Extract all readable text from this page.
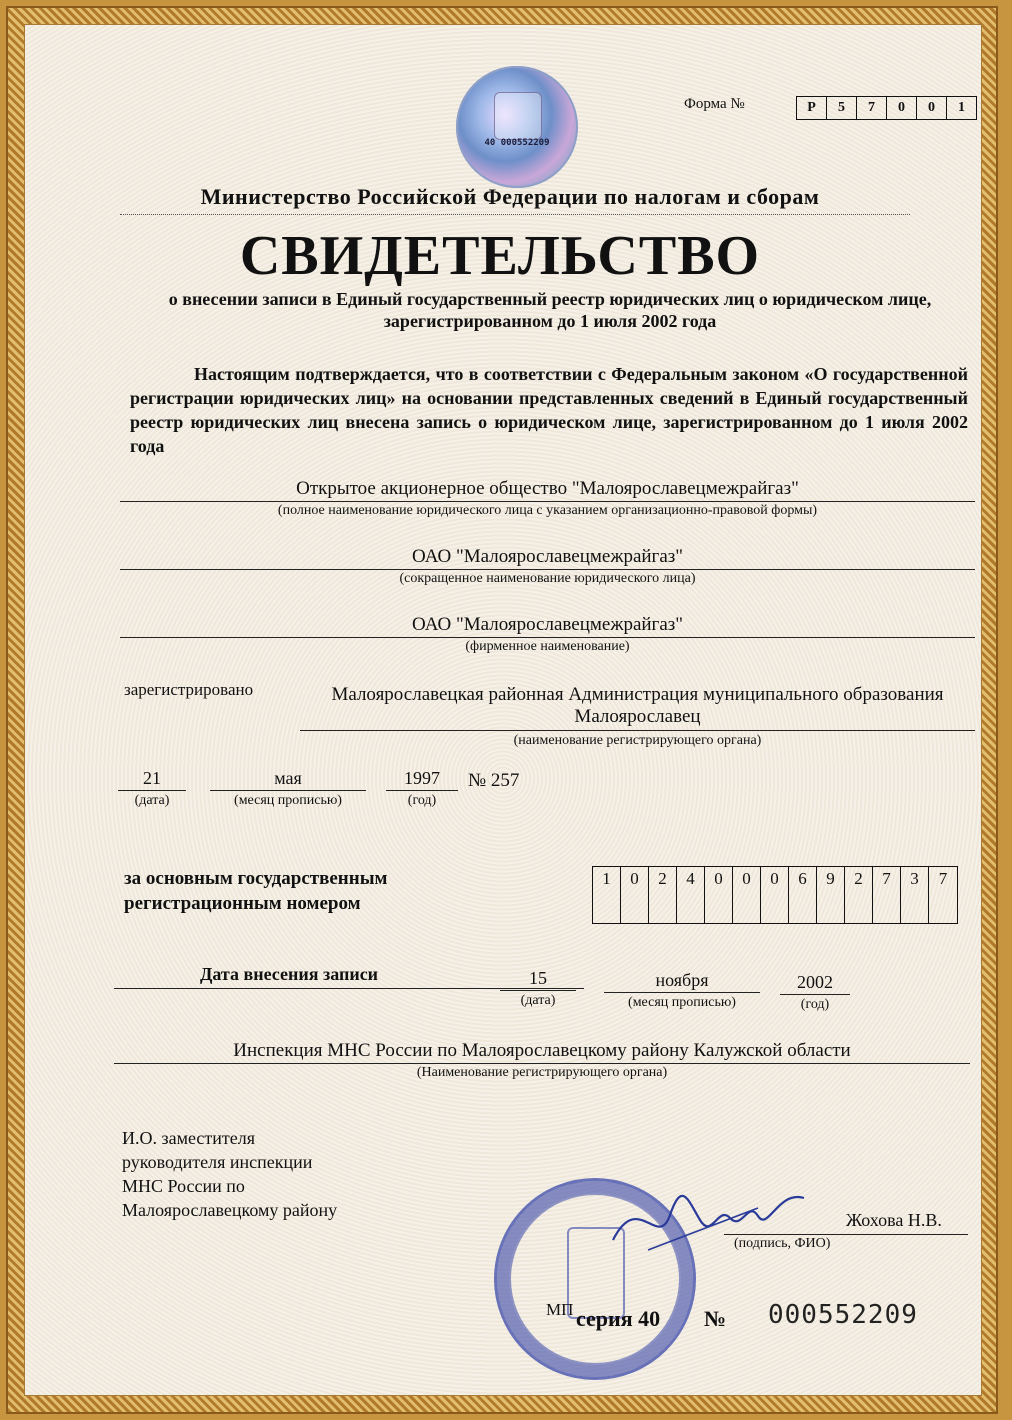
40 000552209
Форма №	Р	5	7	0	0	1
Министерство Российской Федерации по налогам и сборам
СВИДЕТЕЛЬСТВО
о внесении записи в Единый государственный реестр юридических лиц о юридическом лице, зарегистрированном до 1 июля 2002 года
Настоящим подтверждается, что в соответствии с Федеральным законом «О государственной регистрации юридических лиц» на основании представленных сведений в Единый государственный реестр юридических лиц внесена запись о юридическом лице, зарегистрированном до 1 июля 2002 года
Открытое акционерное общество "Малоярославецмежрайгаз"
(полное наименование юридического лица с указанием организационно-правовой формы)
ОАО "Малоярославецмежрайгаз"
(сокращенное наименование юридического лица)
ОАО "Малоярославецмежрайгаз"
(фирменное наименование)
зарегистрировано	Малоярославецкая районная Администрация муниципального образования Малоярославец
(наименование регистрирующего органа)
21
(дата)
мая
(месяц прописью)
1997
(год)
№ 257
за основным государственным
регистрационным номером
1	0	2	4	0	0	0	6	9	2	7	3	7
Дата внесения записи	15
(дата)
ноября
(месяц прописью)
2002
(год)
Инспекция МНС России по Малоярославецкому району Калужской области
(Наименование регистрирующего органа)
И.О. заместителя
руководителя инспекции
МНС России по
Малоярославецкому району	Жохова Н.В.
(подпись, ФИО)
МП серия 40 № 000552209
